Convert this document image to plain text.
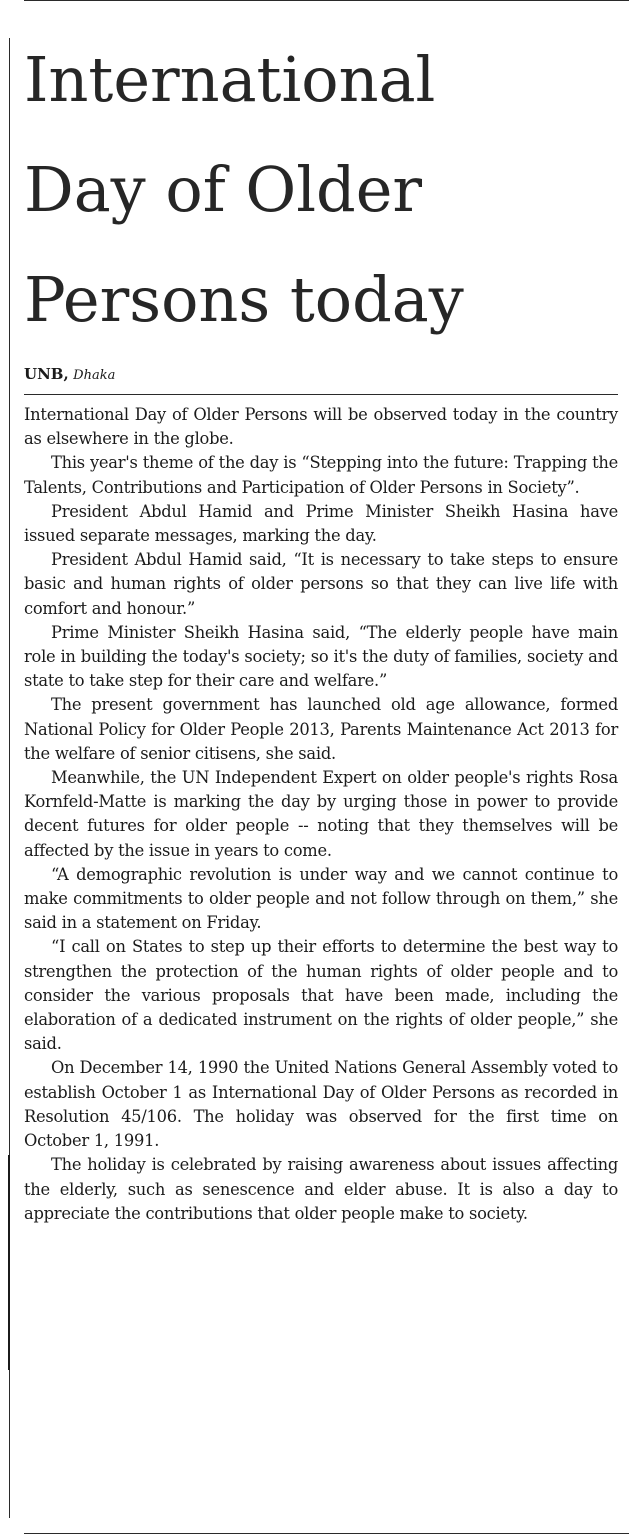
International
Day of Older
Persons today
UNB, Dhaka

International Day of Older Persons will be observed today in the country as elsewhere in the globe.

This year's theme of the day is “Stepping into the future: Trapping the Talents, Contributions and Participation of Older Persons in Society”.

President Abdul Hamid and Prime Minister Sheikh Hasina have issued separate messages, marking the day.

President Abdul Hamid said, “It is necessary to take steps to ensure basic and human rights of older persons so that they can live life with comfort and honour.”

Prime Minister Sheikh Hasina said, “The elderly people have main role in building the today's society; so it's the duty of families, society and state to take step for their care and welfare.”

The present government has launched old age allowance, formed National Policy for Older People 2013, Parents Maintenance Act 2013 for the welfare of senior citisens, she said.

Meanwhile, the UN Independent Expert on older people's rights Rosa Kornfeld-Matte is marking the day by urging those in power to provide decent futures for older people -- noting that they themselves will be affected by the issue in years to come.

“A demographic revolution is under way and we cannot continue to make commitments to older people and not follow through on them,” she said in a statement on Friday.

“I call on States to step up their efforts to determine the best way to strengthen the protection of the human rights of older people and to consider the various proposals that have been made, including the elaboration of a dedicated instrument on the rights of older people,” she said.

On December 14, 1990 the United Nations General Assembly voted to establish October 1 as International Day of Older Persons as recorded in Resolution 45/106. The holiday was observed for the first time on October 1, 1991.

The holiday is celebrated by raising awareness about issues affecting the elderly, such as senescence and elder abuse. It is also a day to appreciate the contributions that older people make to society.
